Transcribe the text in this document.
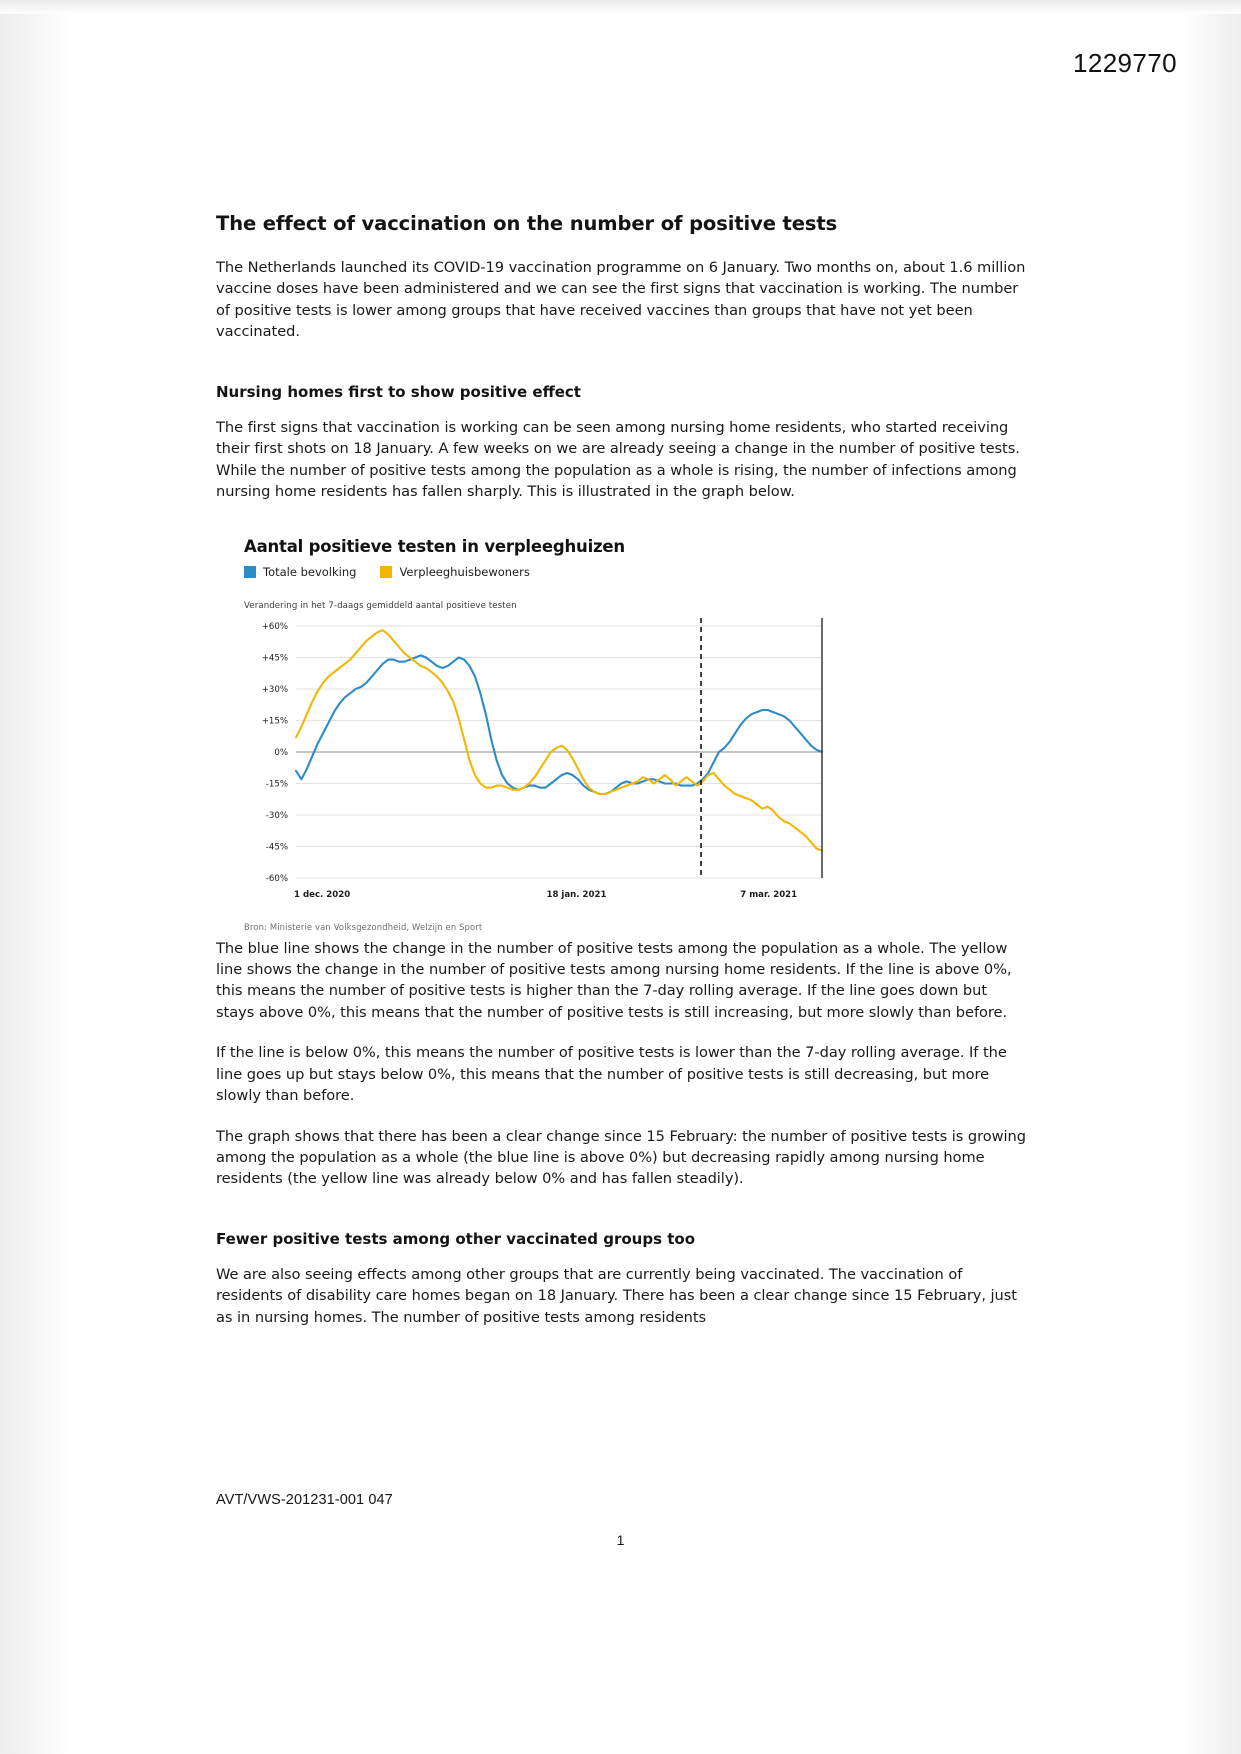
1229770
The effect of vaccination on the number of positive tests

The Netherlands launched its COVID-19 vaccination programme on 6 January. Two months on, about 1.6 million vaccine doses have been administered and we can see the first signs that vaccination is working. The number of positive tests is lower among groups that have received vaccines than groups that have not yet been vaccinated.

Nursing homes first to show positive effect

The first signs that vaccination is working can be seen among nursing home residents, who started receiving their first shots on 18 January. A few weeks on we are already seeing a change in the number of positive tests. While the number of positive tests among the population as a whole is rising, the number of infections among nursing home residents has fallen sharply. This is illustrated in the graph below.

Aantal positieve testen in verpleeghuizen
Totale bevolking	Verpleeghuisbewoners
Verandering in het 7-daags gemiddeld aantal positieve testen
+60%
+45%
+30%
+15%
0%
-15%
-30%
-45%
-60%
1 dec. 2020	18 jan. 2021	7 mar. 2021
Bron: Ministerie van Volksgezondheid, Welzijn en Sport

The blue line shows the change in the number of positive tests among the population as a whole. The yellow line shows the change in the number of positive tests among nursing home residents. If the line is above 0%, this means the number of positive tests is higher than the 7-day rolling average. If the line goes down but stays above 0%, this means that the number of positive tests is still increasing, but more slowly than before.

If the line is below 0%, this means the number of positive tests is lower than the 7-day rolling average. If the line goes up but stays below 0%, this means that the number of positive tests is still decreasing, but more slowly than before.

The graph shows that there has been a clear change since 15 February: the number of positive tests is growing among the population as a whole (the blue line is above 0%) but decreasing rapidly among nursing home residents (the yellow line was already below 0% and has fallen steadily).

Fewer positive tests among other vaccinated groups too

We are also seeing effects among other groups that are currently being vaccinated. The vaccination of residents of disability care homes began on 18 January. There has been a clear change since 15 February, just as in nursing homes. The number of positive tests among residents

AVT/VWS-201231-001 047
1
